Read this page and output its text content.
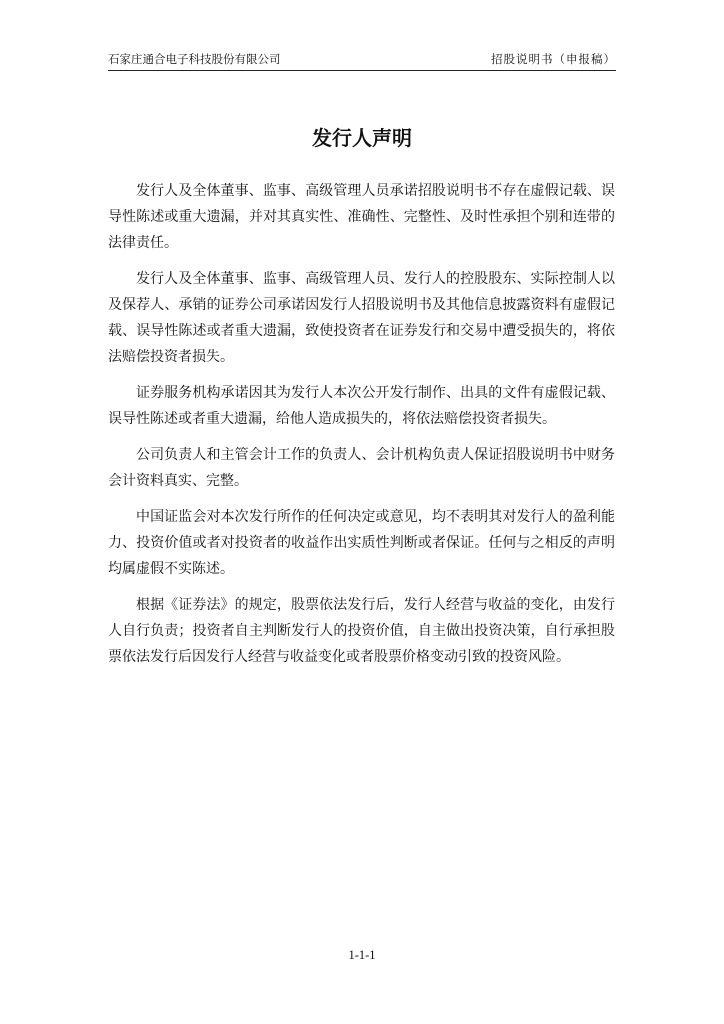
石家庄通合电子科技股份有限公司	招股说明书（申报稿）
发行人声明

发行人及全体董事、监事、高级管理人员承诺招股说明书不存在虚假记载、误导性陈述或重大遗漏，并对其真实性、准确性、完整性、及时性承担个别和连带的法律责任。

发行人及全体董事、监事、高级管理人员、发行人的控股股东、实际控制人以及保荐人、承销的证券公司承诺因发行人招股说明书及其他信息披露资料有虚假记载、误导性陈述或者重大遗漏，致使投资者在证券发行和交易中遭受损失的，将依法赔偿投资者损失。

证券服务机构承诺因其为发行人本次公开发行制作、出具的文件有虚假记载、误导性陈述或者重大遗漏，给他人造成损失的，将依法赔偿投资者损失。

公司负责人和主管会计工作的负责人、会计机构负责人保证招股说明书中财务会计资料真实、完整。

中国证监会对本次发行所作的任何决定或意见，均不表明其对发行人的盈利能力、投资价值或者对投资者的收益作出实质性判断或者保证。任何与之相反的声明均属虚假不实陈述。

根据《证券法》的规定，股票依法发行后，发行人经营与收益的变化，由发行人自行负责；投资者自主判断发行人的投资价值，自主做出投资决策，自行承担股票依法发行后因发行人经营与收益变化或者股票价格变动引致的投资风险。

1-1-1
